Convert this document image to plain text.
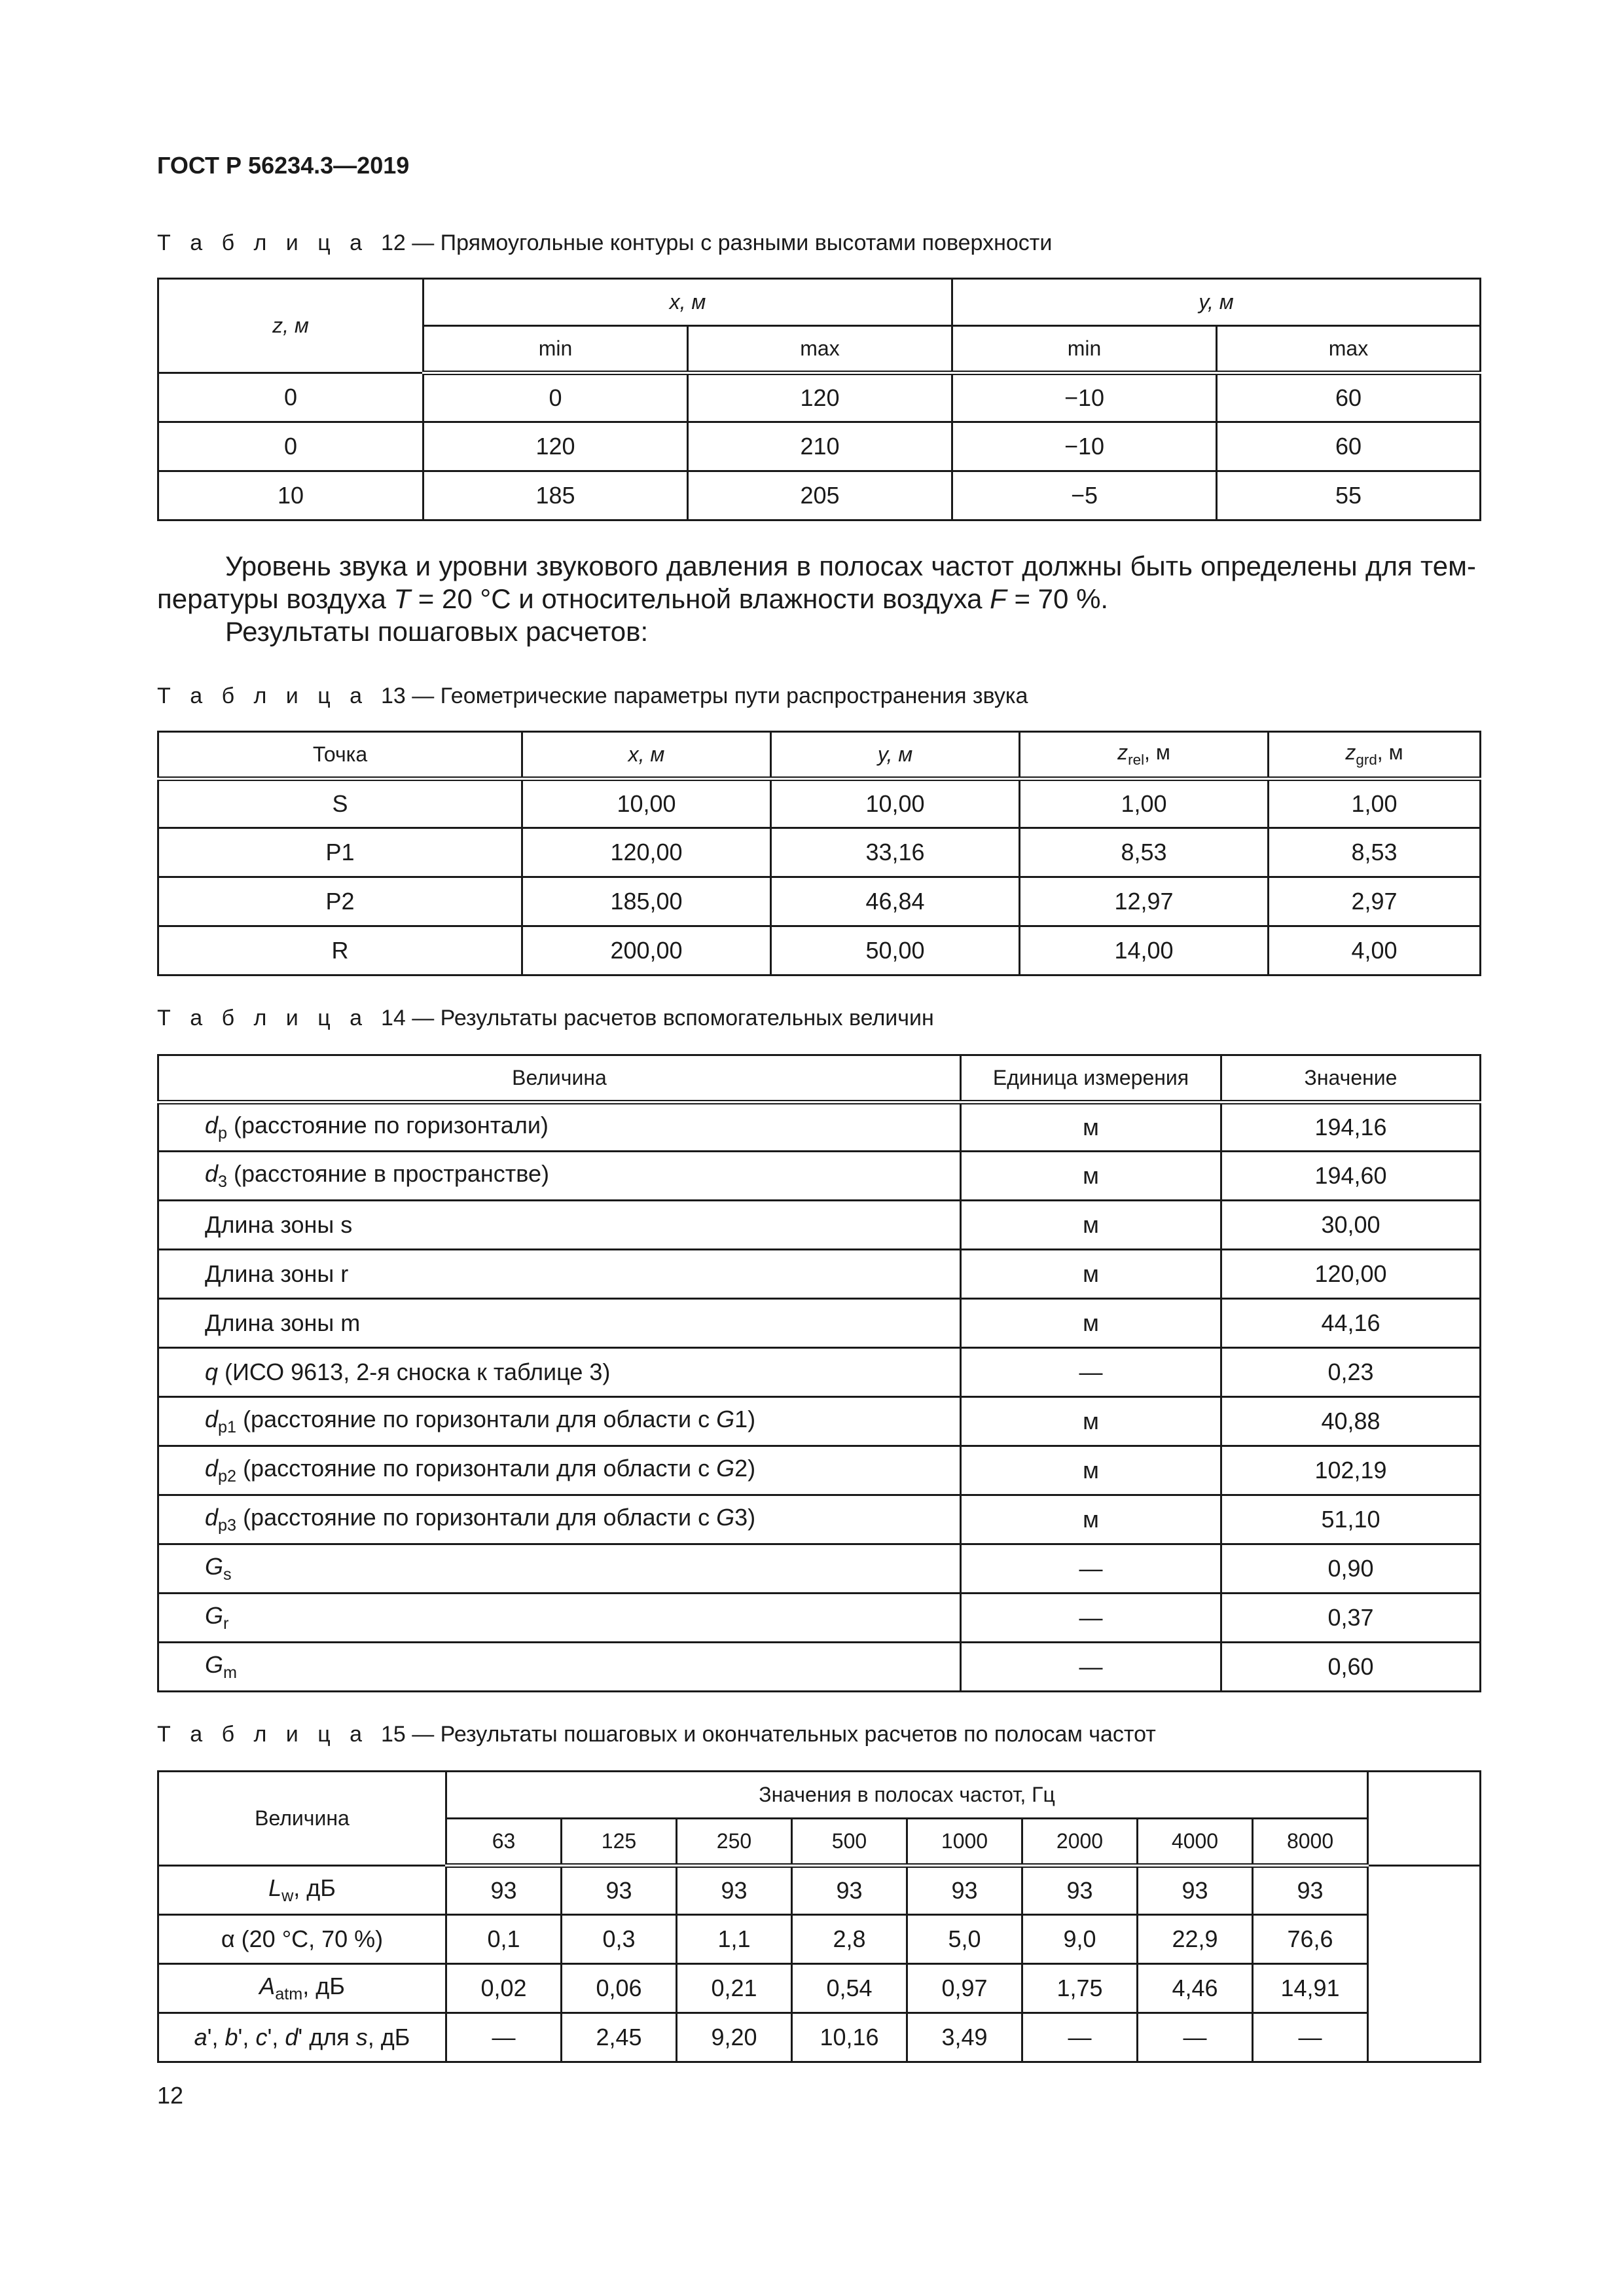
ГОСТ Р 56234.3—2019
Т а б л и ц а 12 — Прямоугольные контуры с разными высотами поверхности
z, м	x, м		y, м	
	min	max	min	max
0	0	120	−10	60
0	120	210	−10	60
10	185	205	−5	55
Уровень звука и уровни звукового давления в полосах частот должны быть определены для тем-
пературы воздуха T = 20 °C и относительной влажности воздуха F = 70 %.
Результаты пошаговых расчетов:
Т а б л и ц а 13 — Геометрические параметры пути распространения звука
Точка	x, м	y, м	$z_{rel}$, м	$z_{grd}$, м
S	10,00	10,00	1,00	1,00
P1	120,00	33,16	8,53	8,53
P2	185,00	46,84	12,97	2,97
R	200,00	50,00	14,00	4,00
Т а б л и ц а 14 — Результаты расчетов вспомогательных величин
Величина	Единица измерения	Значение
$d_p$ (расстояние по горизонтали)	м	194,16
$d_3$ (расстояние в пространстве)	м	194,60
Длина зоны s	м	30,00
Длина зоны r	м	120,00
Длина зоны m	м	44,16
q (ИСО 9613, 2-я сноска к таблице 3)	—	0,23
$d_{p1}$ (расстояние по горизонтали для области с G1)	м	40,88
$d_{p2}$ (расстояние по горизонтали для области с G2)	м	102,19
$d_{p3}$ (расстояние по горизонтали для области с G3)	м	51,10
$G_s$	—	0,90
$G_r$	—	0,37
$G_m$	—	0,60
Т а б л и ц а 15 — Результаты пошаговых и окончательных расчетов по полосам частот
Величина	Значения в полосах частот, Гц								
	63	125	250	500	1000	2000	4000	8000	
$L_w$, дБ	93	93	93	93	93	93	93	93	
α (20 °C, 70 %)	0,1	0,3	1,1	2,8	5,0	9,0	22,9	76,6	
$A_{atm}$, дБ	0,02	0,06	0,21	0,54	0,97	1,75	4,46	14,91	
a', b', c', d' для s, дБ	—	2,45	9,20	10,16	3,49	—	—	—	
12
